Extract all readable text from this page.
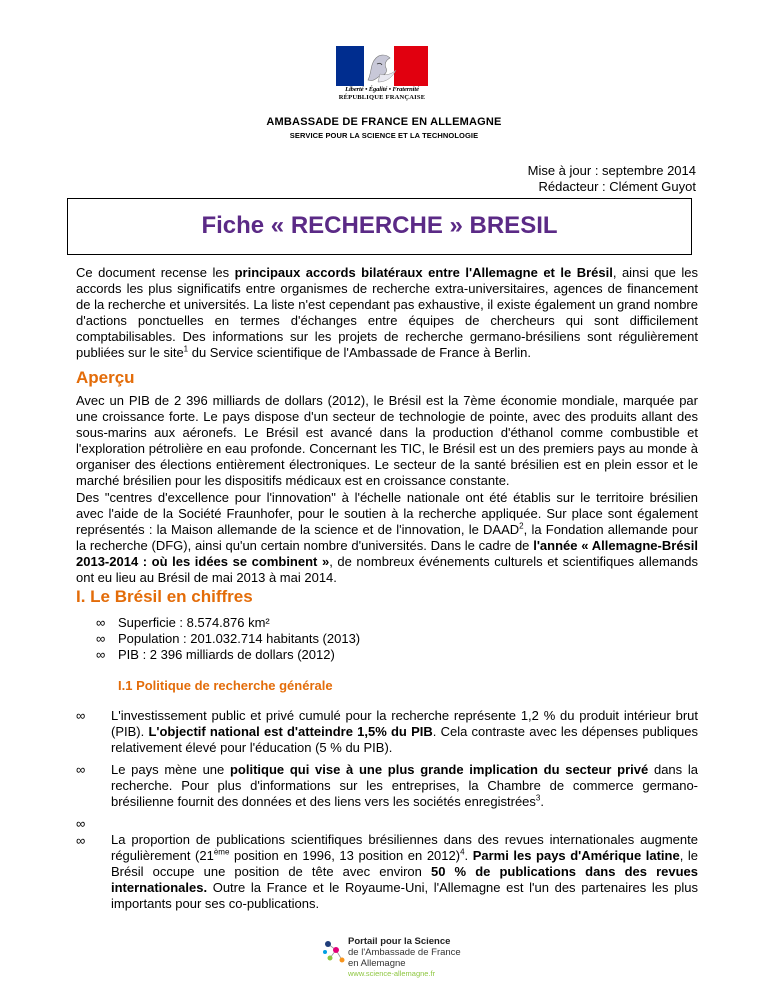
Liberté • Égalité • Fraternité
RÉPUBLIQUE FRANÇAISE
AMBASSADE DE FRANCE EN ALLEMAGNE
SERVICE POUR LA SCIENCE ET LA TECHNOLOGIE
Mise à jour : septembre 2014
Rédacteur : Clément Guyot
Fiche « RECHERCHE » BRESIL
Ce document recense les principaux accords bilatéraux entre l'Allemagne et le Brésil, ainsi que les accords les plus significatifs entre organismes de recherche extra-universitaires, agences de financement de la recherche et universités. La liste n'est cependant pas exhaustive, il existe également un grand nombre d'actions ponctuelles en termes d'échanges entre équipes de chercheurs qui sont difficilement comptabilisables. Des informations sur les projets de recherche germano-brésiliens sont régulièrement publiées sur le site$^1$ du Service scientifique de l'Ambassade de France à Berlin.
Aperçu
Avec un PIB de 2 396 milliards de dollars (2012), le Brésil est la 7ème économie mondiale, marquée par une croissance forte. Le pays dispose d'un secteur de technologie de pointe, avec des produits allant des sous-marins aux aéronefs. Le Brésil est avancé dans la production d'éthanol comme combustible et l'exploration pétrolière en eau profonde. Concernant les TIC, le Brésil est un des premiers pays au monde à organiser des élections entièrement électroniques. Le secteur de la santé brésilien est en plein essor et le marché brésilien pour les dispositifs médicaux est en croissance constante.
Des "centres d'excellence pour l'innovation" à l'échelle nationale ont été établis sur le territoire brésilien avec l'aide de la Société Fraunhofer, pour le soutien à la recherche appliquée. Sur place sont également représentés : la Maison allemande de la science et de l'innovation, le DAAD$^2$, la Fondation allemande pour la recherche (DFG), ainsi qu'un certain nombre d'universités. Dans le cadre de l'année « Allemagne-Brésil 2013-2014 : où les idées se combinent », de nombreux événements culturels et scientifiques allemands ont eu lieu au Brésil de mai 2013 à mai 2014.
I. Le Brésil en chiffres
∞ Superficie : 8.574.876 km²
∞ Population : 201.032.714 habitants (2013)
∞ PIB : 2 396 milliards de dollars (2012)
I.1 Politique de recherche générale
∞ L'investissement public et privé cumulé pour la recherche représente 1,2 % du produit intérieur brut (PIB). L'objectif national est d'atteindre 1,5% du PIB. Cela contraste avec les dépenses publiques relativement élevé pour l'éducation (5 % du PIB).
∞ Le pays mène une politique qui vise à une plus grande implication du secteur privé dans la recherche. Pour plus d'informations sur les entreprises, la Chambre de commerce germano- brésilienne fournit des données et des liens vers les sociétés enregistrées$^3$.
∞
∞ La proportion de publications scientifiques brésiliennes dans des revues internationales augmente régulièrement (21ème position en 1996, 13 position en 2012)$^4$. Parmi les pays d'Amérique latine, le Brésil occupe une position de tête avec environ 50 % de publications dans des revues internationales. Outre la France et le Royaume-Uni, l'Allemagne est l'un des partenaires les plus importants pour ses co-publications.
Portail pour la Science
de l'Ambassade de France
en Allemagne
www.science-allemagne.fr
